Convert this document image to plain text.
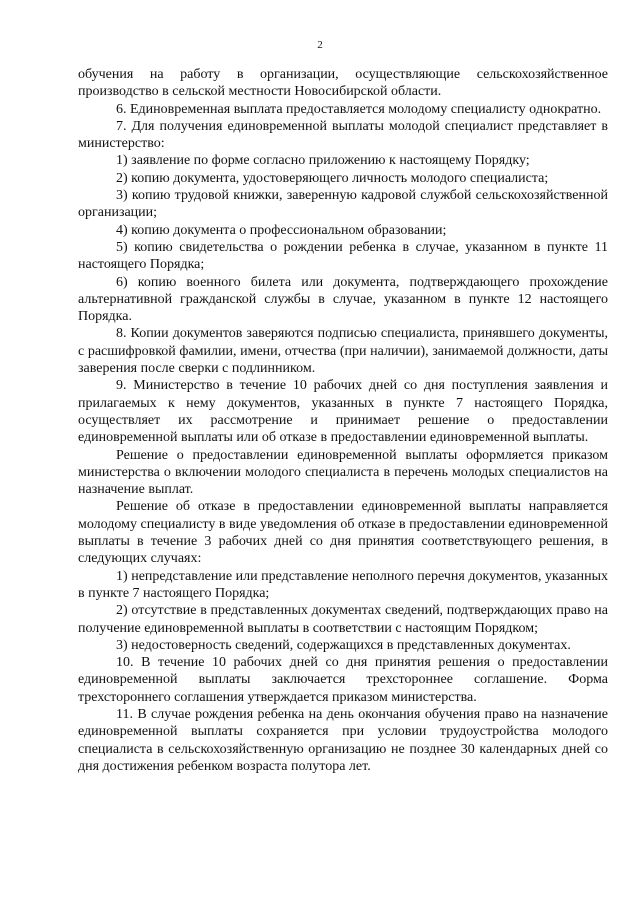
2

обучения на работу в организации, осуществляющие сельскохозяйственное производство в сельской местности Новосибирской области.

6. Единовременная выплата предоставляется молодому специалисту однократно.

7. Для получения единовременной выплаты молодой специалист представляет в министерство:

1) заявление по форме согласно приложению к настоящему Порядку;

2) копию документа, удостоверяющего личность молодого специалиста;

3) копию трудовой книжки, заверенную кадровой службой сельскохозяйственной организации;

4) копию документа о профессиональном образовании;

5) копию свидетельства о рождении ребенка в случае, указанном в пункте 11 настоящего Порядка;

6) копию военного билета или документа, подтверждающего прохождение альтернативной гражданской службы в случае, указанном в пункте 12 настоящего Порядка.

8. Копии документов заверяются подписью специалиста, принявшего документы, с расшифровкой фамилии, имени, отчества (при наличии), занимаемой должности, даты заверения после сверки с подлинником.

9. Министерство в течение 10 рабочих дней со дня поступления заявления и прилагаемых к нему документов, указанных в пункте 7 настоящего Порядка, осуществляет их рассмотрение и принимает решение о предоставлении единовременной выплаты или об отказе в предоставлении единовременной выплаты.

Решение о предоставлении единовременной выплаты оформляется приказом министерства о включении молодого специалиста в перечень молодых специалистов на назначение выплат.

Решение об отказе в предоставлении единовременной выплаты направляется молодому специалисту в виде уведомления об отказе в предоставлении единовременной выплаты в течение 3 рабочих дней со дня принятия соответствующего решения, в следующих случаях:

1) непредставление или представление неполного перечня документов, указанных в пункте 7 настоящего Порядка;

2) отсутствие в представленных документах сведений, подтверждающих право на получение единовременной выплаты в соответствии с настоящим Порядком;

3) недостоверность сведений, содержащихся в представленных документах.

10. В течение 10 рабочих дней со дня принятия решения о предоставлении единовременной выплаты заключается трехстороннее соглашение. Форма трехстороннего соглашения утверждается приказом министерства.

11. В случае рождения ребенка на день окончания обучения право на назначение единовременной выплаты сохраняется при условии трудоустройства молодого специалиста в сельскохозяйственную организацию не позднее 30 календарных дней со дня достижения ребенком возраста полутора лет.
